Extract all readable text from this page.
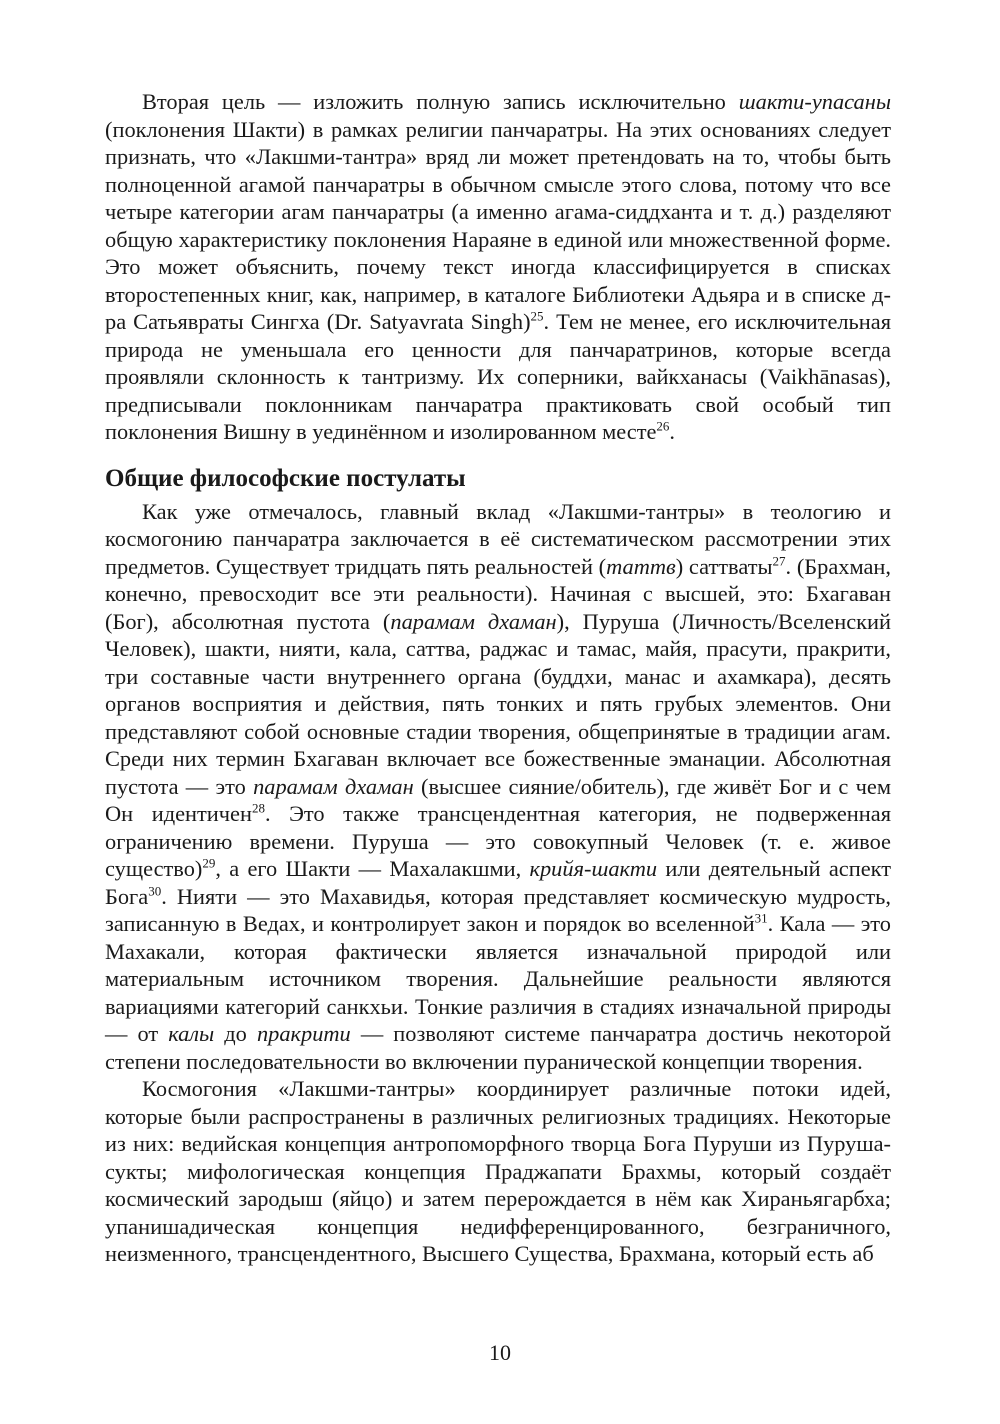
Вторая цель — изложить полную запись исключительно шакти-упасаны (поклонения Шакти) в рамках религии панчаратры. На этих основаниях следует признать, что «Лакшми-тантра» вряд ли может претендовать на то, чтобы быть полноценной агамой панчаратры в обычном смысле этого слова, потому что все четыре категории агам панчаратры (а именно агама-сиддханта и т. д.) разделяют общую характеристику поклонения Нараяне в единой или множественной форме. Это может объяснить, почему текст иногда классифицируется в списках второстепенных книг, как, например, в каталоге Библиотеки Адьяра и в списке д-ра Сатьявраты Сингха (Dr. Satyavrata Singh)$^{25}$. Тем не менее, его исключительная природа не уменьшала его ценности для панчаратринов, которые всегда проявляли склонность к тантризму. Их соперники, вайкханасы (Vaikhānasas), предписывали поклонникам панчаратра практиковать свой особый тип поклонения Вишну в уединённом и изолированном месте$^{26}$.

Общие философские постулаты

Как уже отмечалось, главный вклад «Лакшми-тантры» в теологию и космогонию панчаратра заключается в её систематическом рассмотрении этих предметов. Существует тридцать пять реальностей (таттв) саттваты$^{27}$. (Брахман, конечно, превосходит все эти реальности). Начиная с высшей, это: Бхагаван (Бог), абсолютная пустота (парамам дхаман), Пуруша (Личность/Вселенский Человек), шакти, нияти, кала, саттва, раджас и тамас, майя, прасути, пракрити, три составные части внутреннего органа (буддхи, манас и ахамкара), десять органов восприятия и действия, пять тонких и пять грубых элементов. Они представляют собой основные стадии творения, общепринятые в традиции агам. Среди них термин Бхагаван включает все божественные эманации. Абсолютная пустота — это парамам дхаман (высшее сияние/обитель), где живёт Бог и с чем Он идентичен$^{28}$. Это также трансцендентная категория, не подверженная ограничению времени. Пуруша — это совокупный Человек (т. е. живое существо)$^{29}$, а его Шакти — Махалакшми, крийя-шакти или деятельный аспект Бога$^{30}$. Нияти — это Махавидья, которая представляет космическую мудрость, записанную в Ведах, и контролирует закон и порядок во вселенной$^{31}$. Кала — это Махакали, которая фактически является изначальной природой или материальным источником творения. Дальнейшие реальности являются вариациями категорий санкхьи. Тонкие различия в стадиях изначальной природы — от калы до пракрити — позволяют системе панчаратра достичь некоторой степени последовательности во включении пуранической концепции творения.

Космогония «Лакшми-тантры» координирует различные потоки идей, которые были распространены в различных религиозных традициях. Некоторые из них: ведийская концепция антропоморфного творца Бога Пуруши из Пуруша-сукты; мифологическая концепция Праджапати Брахмы, который создаёт космический зародыш (яйцо) и затем перерождается в нём как Хираньягарбха; упанишадическая концепция недифференцированного, безграничного, неизменного, трансцендентного, Высшего Существа, Брахмана, который есть аб

10
